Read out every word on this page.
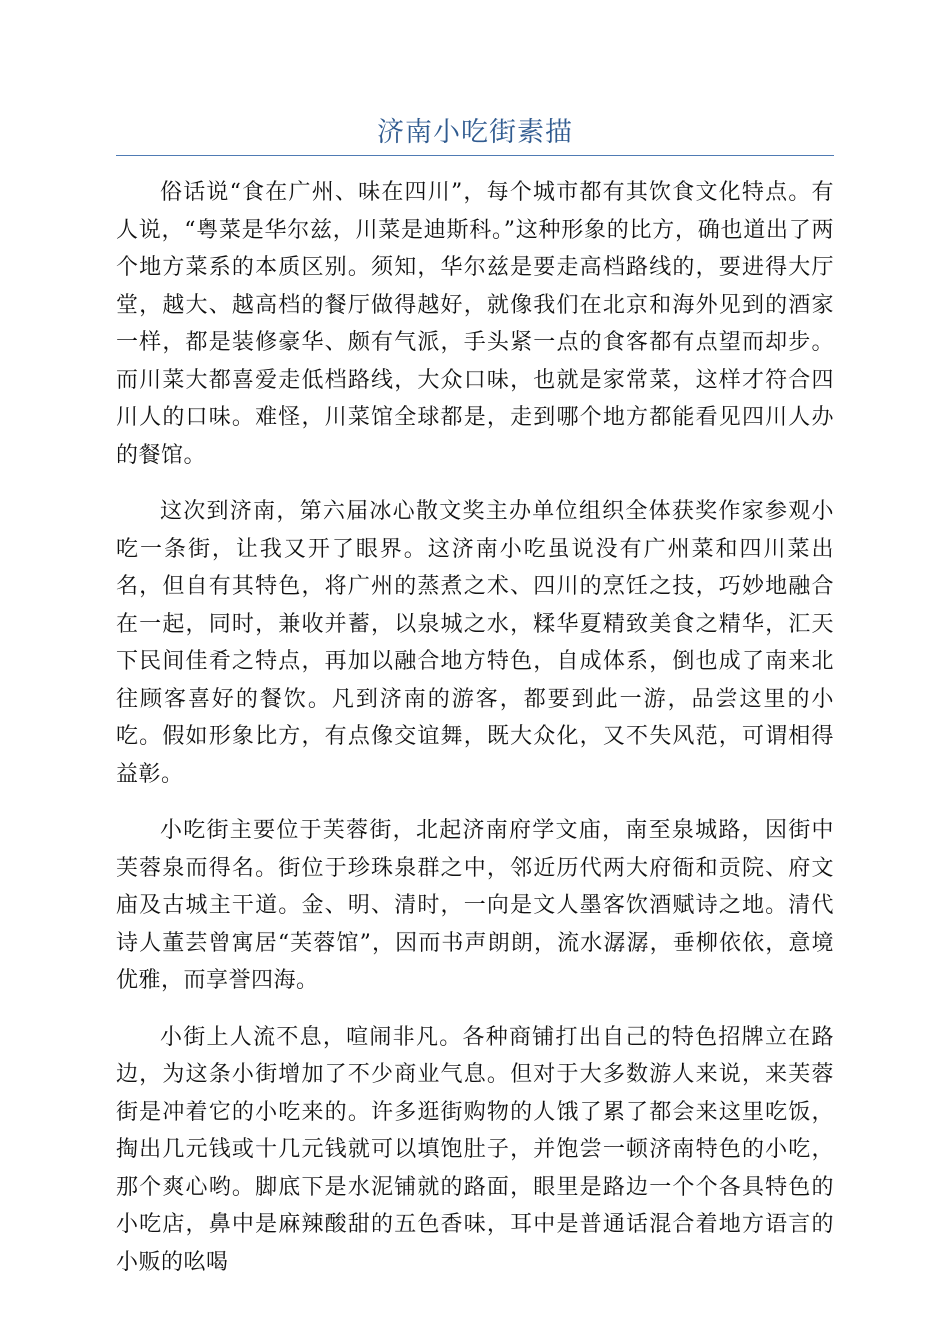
济南小吃街素描

俗话说“食在广州、味在四川”，每个城市都有其饮食文化特点。有人说，“粤菜是华尔兹，川菜是迪斯科。”这种形象的比方，确也道出了两个地方菜系的本质区别。须知，华尔兹是要走高档路线的，要进得大厅堂，越大、越高档的餐厅做得越好，就像我们在北京和海外见到的酒家一样，都是装修豪华、颇有气派，手头紧一点的食客都有点望而却步。而川菜大都喜爱走低档路线，大众口味，也就是家常菜，这样才符合四川人的口味。难怪，川菜馆全球都是，走到哪个地方都能看见四川人办的餐馆。

这次到济南，第六届冰心散文奖主办单位组织全体获奖作家参观小吃一条街，让我又开了眼界。这济南小吃虽说没有广州菜和四川菜出名，但自有其特色，将广州的蒸煮之术、四川的烹饪之技，巧妙地融合在一起，同时，兼收并蓄，以泉城之水，糅华夏精致美食之精华，汇天下民间佳肴之特点，再加以融合地方特色，自成体系，倒也成了南来北往顾客喜好的餐饮。凡到济南的游客，都要到此一游，品尝这里的小吃。假如形象比方，有点像交谊舞，既大众化，又不失风范，可谓相得益彰。

小吃街主要位于芙蓉街，北起济南府学文庙，南至泉城路，因街中芙蓉泉而得名。街位于珍珠泉群之中，邻近历代两大府衙和贡院、府文庙及古城主干道。金、明、清时，一向是文人墨客饮酒赋诗之地。清代诗人董芸曾寓居“芙蓉馆”，因而书声朗朗，流水潺潺，垂柳依依，意境优雅，而享誉四海。

小街上人流不息，喧闹非凡。各种商铺打出自己的特色招牌立在路边，为这条小街增加了不少商业气息。但对于大多数游人来说，来芙蓉街是冲着它的小吃来的。许多逛街购物的人饿了累了都会来这里吃饭，掏出几元钱或十几元钱就可以填饱肚子，并饱尝一顿济南特色的小吃，那个爽心哟。脚底下是水泥铺就的路面，眼里是路边一个个各具特色的小吃店，鼻中是麻辣酸甜的五色香味，耳中是普通话混合着地方语言的小贩的吆喝
